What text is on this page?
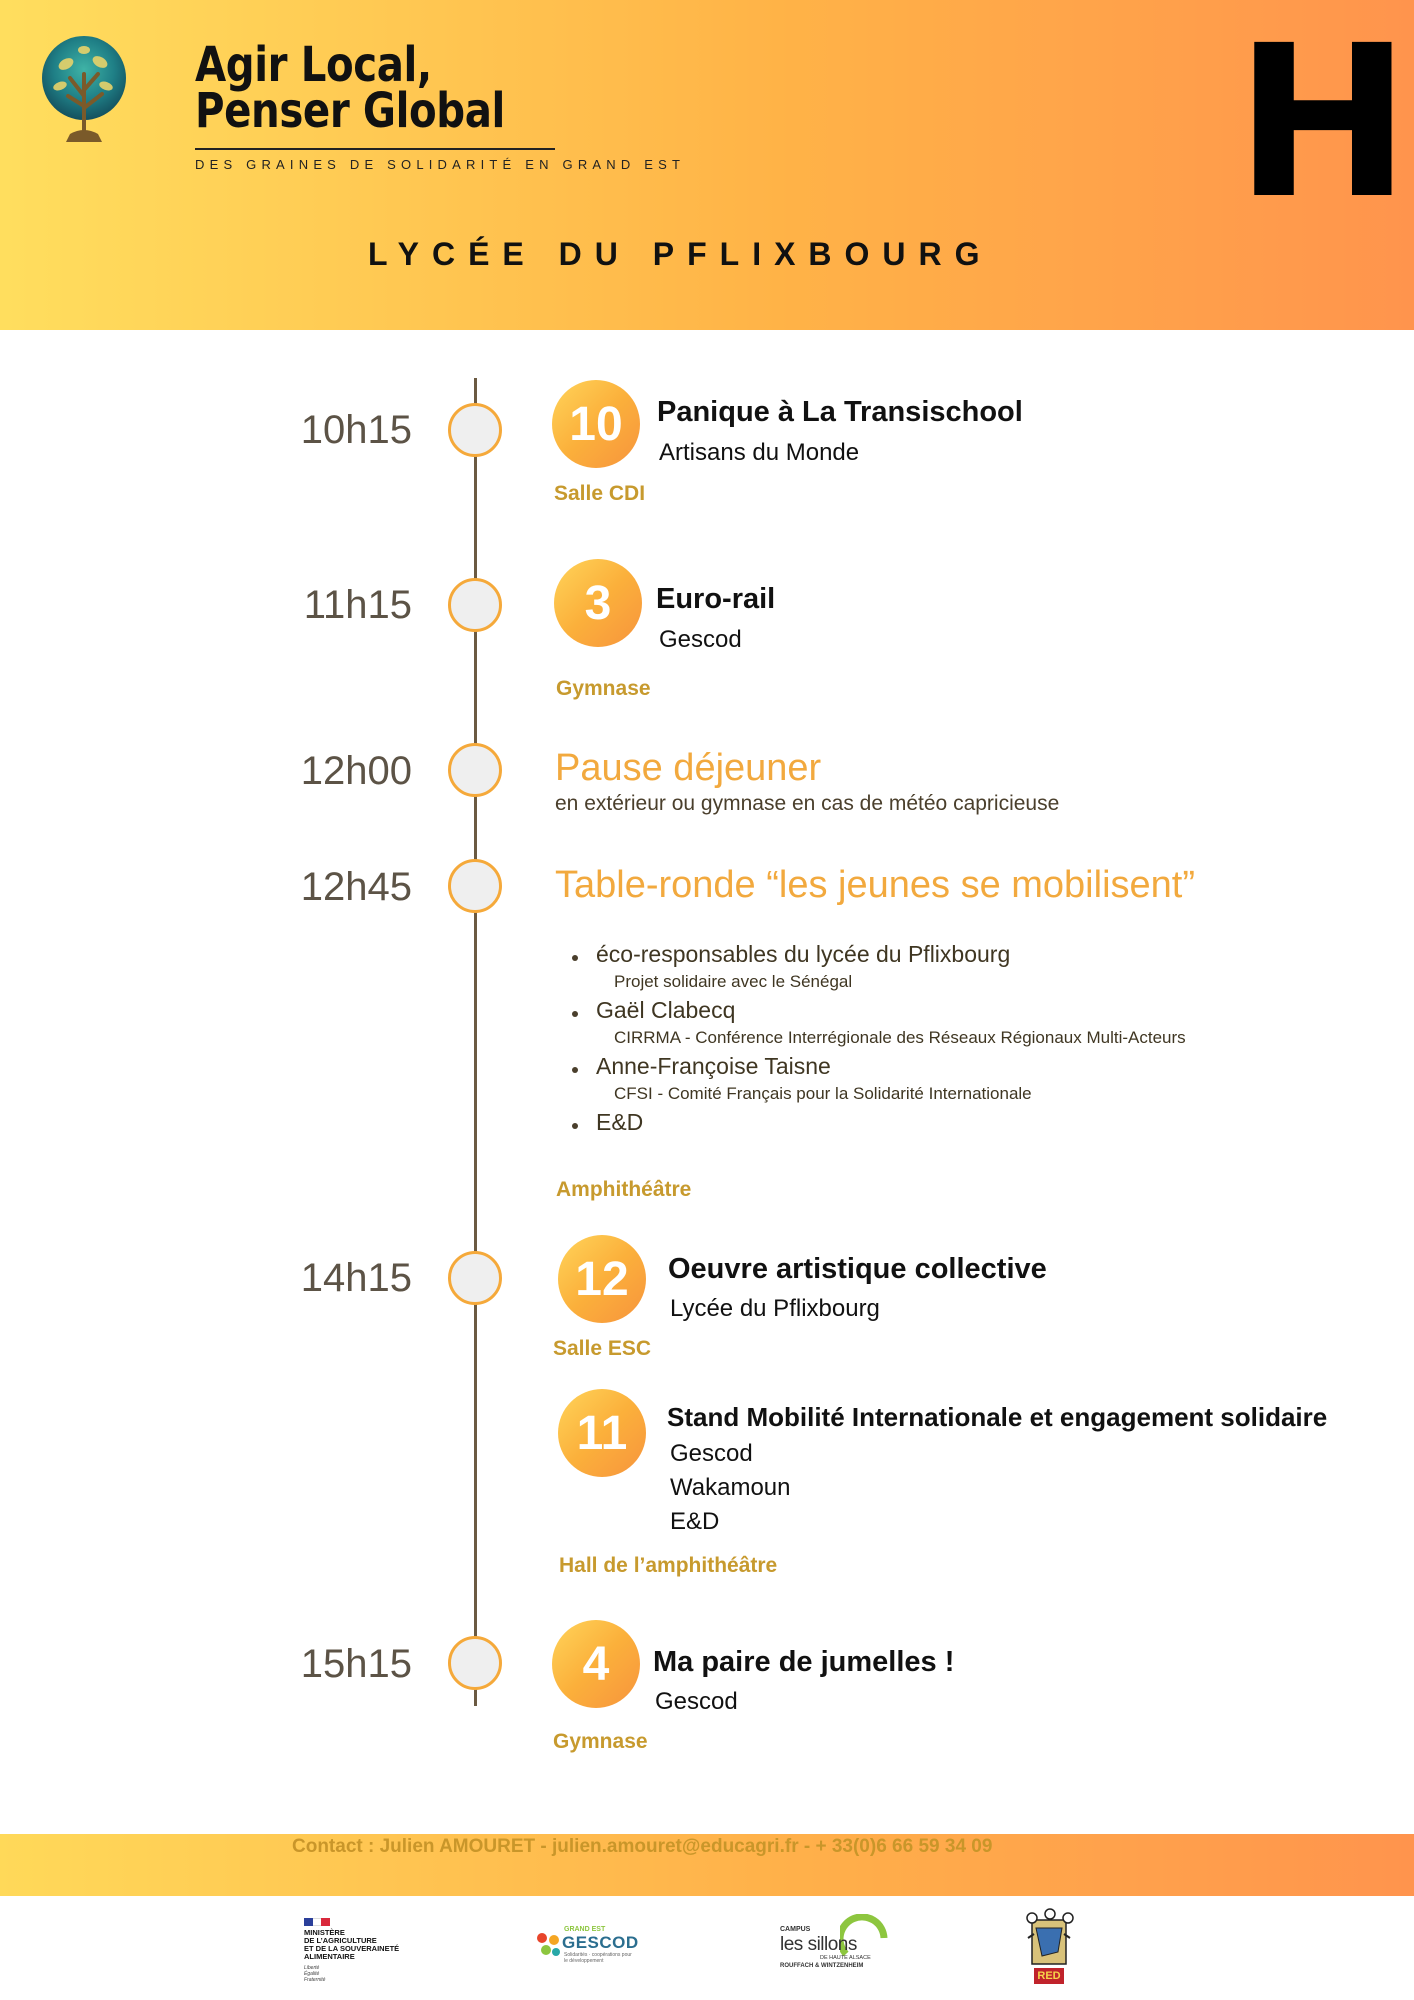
Agir Local,
Penser Global
DES GRAINES DE SOLIDARITÉ EN GRAND EST	H
LYCÉE DU PFLIXBOURG
10h15	10	Panique à La Transischool
Artisans du Monde
Salle CDI
11h15	3	Euro-rail
Gescod
Gymnase
12h00	Pause déjeuner
en extérieur ou gymnase en cas de météo capricieuse
12h45	Table-ronde “les jeunes se mobilisent”
éco-responsables du lycée du Pflixbourg
Projet solidaire avec le Sénégal
Gaël Clabecq
CIRRMA - Conférence Interrégionale des Réseaux Régionaux Multi-Acteurs
Anne-Françoise Taisne
CFSI - Comité Français pour la Solidarité Internationale
E&D
Amphithéâtre
14h15	12	Oeuvre artistique collective
Lycée du Pflixbourg
Salle ESC
11	Stand Mobilité Internationale et engagement solidaire
Gescod
Wakamoun
E&D
Hall de l’amphithéâtre
15h15	4	Ma paire de jumelles !
Gescod
Gymnase
Contact : Julien AMOURET - julien.amouret@educagri.fr - + 33(0)6 66 59 34 09
MINISTÈRE
DE L’AGRICULTURE
ET DE LA SOUVERAINETÉ
ALIMENTAIRE
Liberté
Égalité
Fraternité
GRAND EST
GESCOD
Solidarités · coopérations pour le développement
CAMPUS
les sillons
DE HAUTE ALSACE
ROUFFACH & WINTZENHEIM
RED
